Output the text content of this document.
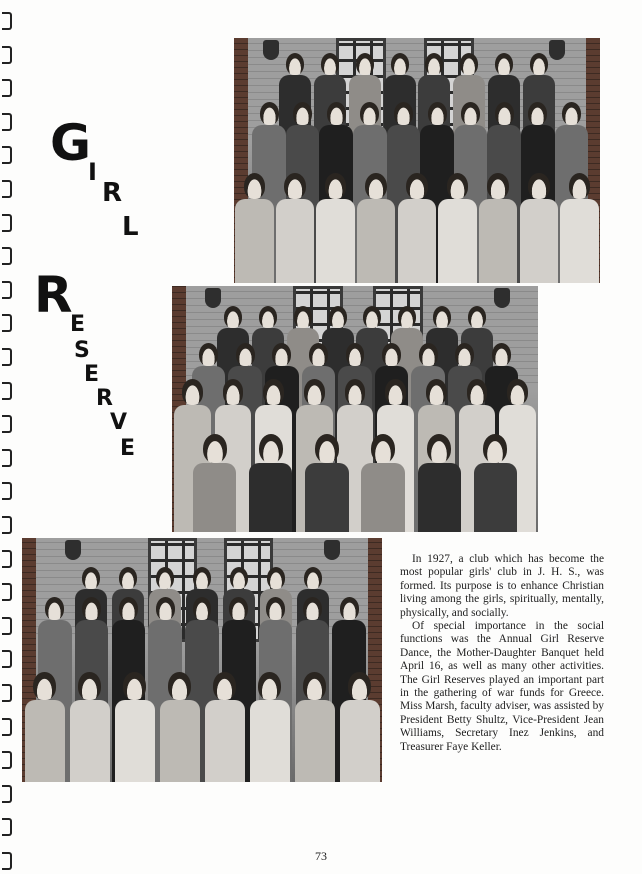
G
I
R
L
R
E
S
E
R
V
E

In 1927, a club which has become the most popular girls' club in J. H. S., was formed. Its purpose is to enhance Christian living among the girls, spiritually, mentally, physically, and socially.

Of special importance in the social functions was the Annual Girl Reserve Dance, the Mother-Daughter Banquet held April 16, as well as many other activities. The Girl Reserves played an important part in the gathering of war funds for Greece. Miss Marsh, faculty adviser, was assisted by President Betty Shultz, Vice-President Jean Williams, Secretary Inez Jenkins, and Treasurer Faye Keller.

73
